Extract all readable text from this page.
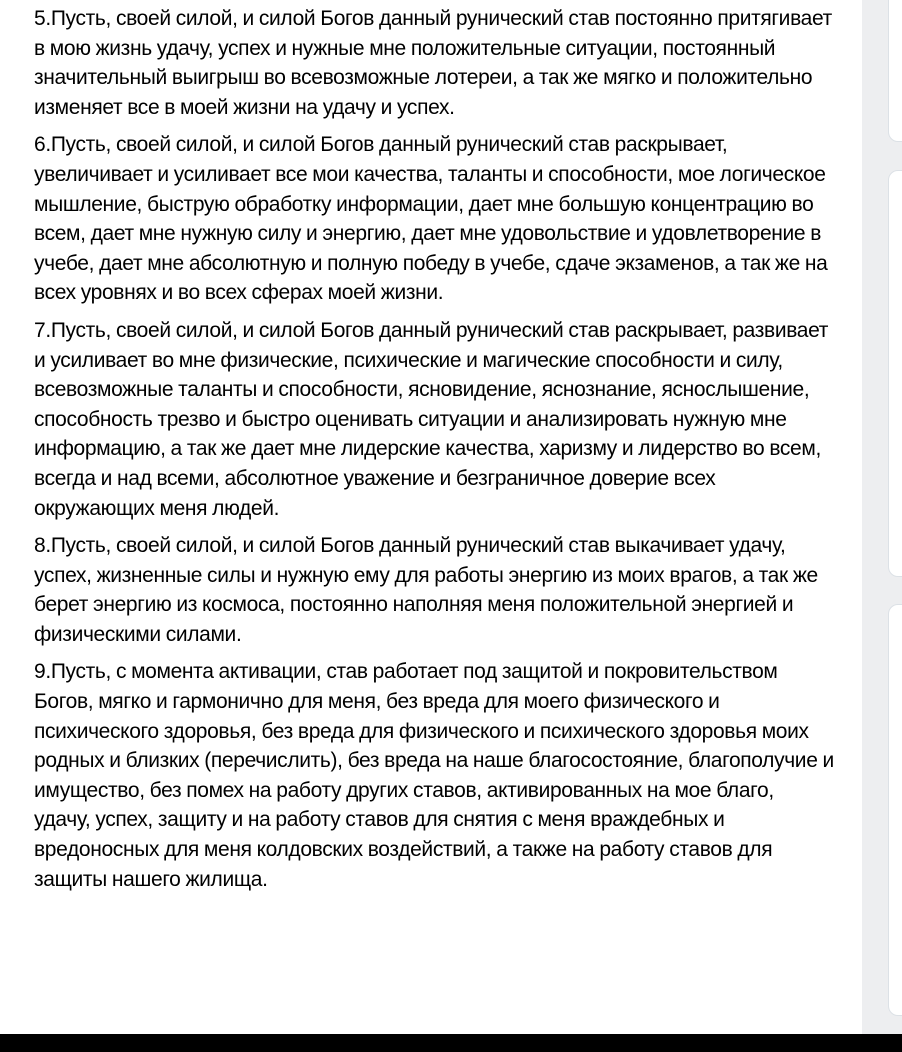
5.Пусть, своей силой, и силой Богов данный рунический став постоянно притягивает в мою жизнь удачу, успех и нужные мне положительные ситуации, постоянный значительный выигрыш во всевозможные лотереи, а так же мягко и положительно изменяет все в моей жизни на удачу и успех.

6.Пусть, своей силой, и силой Богов данный рунический став раскрывает, увеличивает и усиливает все мои качества, таланты и способности, мое логическое мышление, быструю обработку информации, дает мне большую концентрацию во всем, дает мне нужную силу и энергию, дает мне удовольствие и удовлетворение в учебе, дает мне абсолютную и полную победу в учебе, сдаче экзаменов, а так же на всех уровнях и во всех сферах моей жизни.

7.Пусть, своей силой, и силой Богов данный рунический став раскрывает, развивает и усиливает во мне физические, психические и магические способности и силу, всевозможные таланты и способности, ясновидение, яснознание, яснослышение, способность трезво и быстро оценивать ситуации и анализировать нужную мне информацию, а так же дает мне лидерские качества, харизму и лидерство во всем, всегда и над всеми, абсолютное уважение и безграничное доверие всех окружающих меня людей.

8.Пусть, своей силой, и силой Богов данный рунический став выкачивает удачу, успех, жизненные силы и нужную ему для работы энергию из моих врагов, а так же берет энергию из космоса, постоянно наполняя меня положительной энергией и физическими силами.

9.Пусть, с момента активации, став работает под защитой и покровительством Богов, мягко и гармонично для меня, без вреда для моего физического и психического здоровья, без вреда для физического и психического здоровья моих родных и близких (перечислить), без вреда на наше благосостояние, благополучие и имущество, без помех на работу других ставов, активированных на мое благо, удачу, успех, защиту и на работу ставов для снятия с меня враждебных и вредоносных для меня колдовских воздействий, а также на работу ставов для защиты нашего жилища.
